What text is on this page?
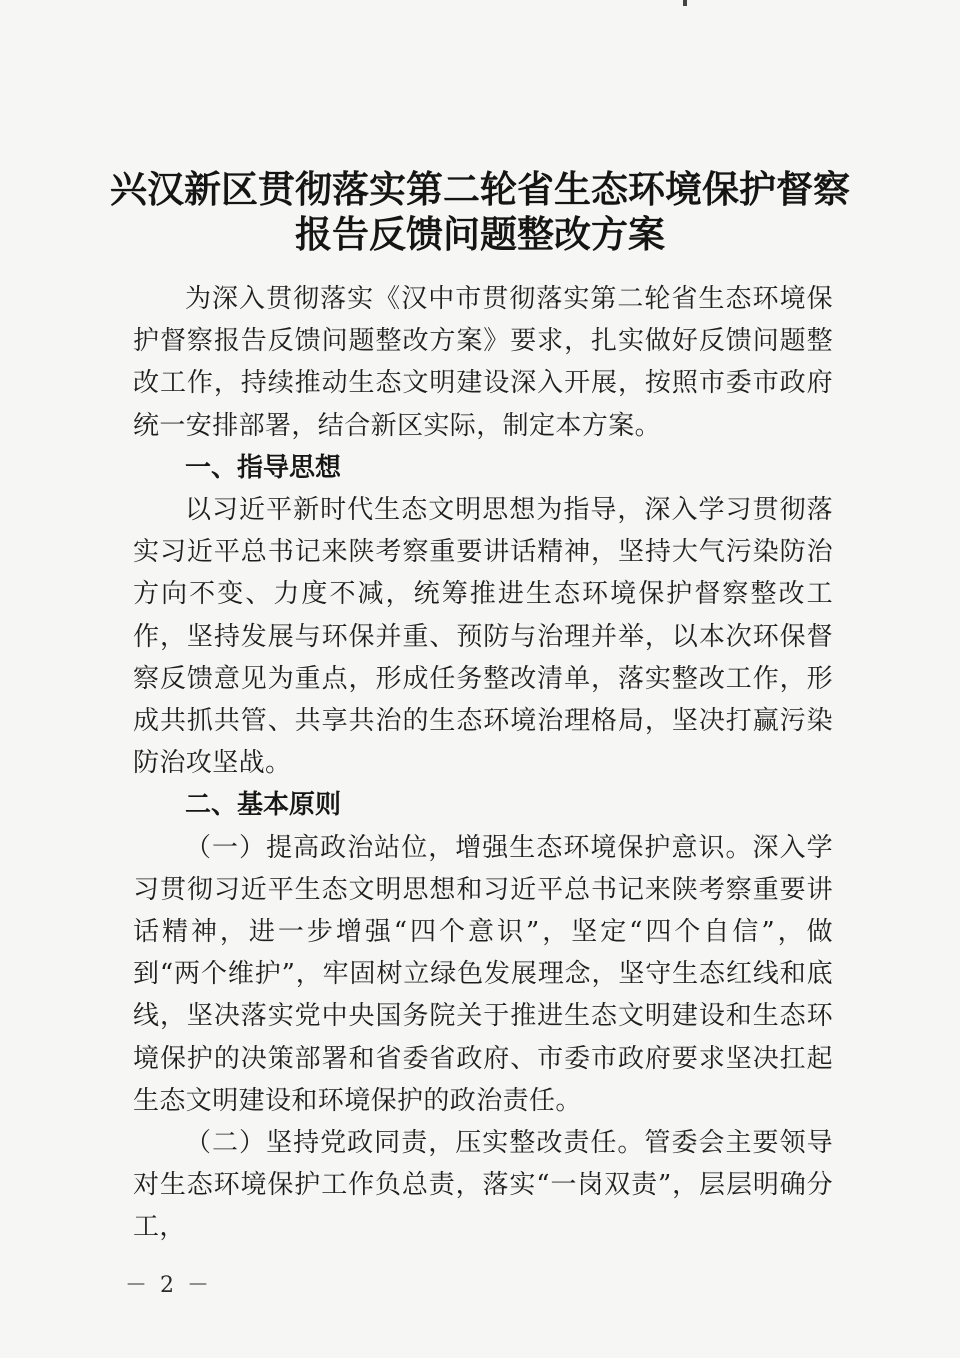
兴汉新区贯彻落实第二轮省生态环境保护督察
报告反馈问题整改方案

为深入贯彻落实《汉中市贯彻落实第二轮省生态环境保护督察报告反馈问题整改方案》要求，扎实做好反馈问题整改工作，持续推动生态文明建设深入开展，按照市委市政府统一安排部署，结合新区实际，制定本方案。

一、指导思想

以习近平新时代生态文明思想为指导，深入学习贯彻落实习近平总书记来陕考察重要讲话精神，坚持大气污染防治方向不变、力度不减，统筹推进生态环境保护督察整改工作，坚持发展与环保并重、预防与治理并举，以本次环保督察反馈意见为重点，形成任务整改清单，落实整改工作，形成共抓共管、共享共治的生态环境治理格局，坚决打赢污染防治攻坚战。

二、基本原则

（一）提高政治站位，增强生态环境保护意识。深入学习贯彻习近平生态文明思想和习近平总书记来陕考察重要讲话精神，进一步增强“四个意识”，坚定“四个自信”，做到“两个维护”，牢固树立绿色发展理念，坚守生态红线和底线，坚决落实党中央国务院关于推进生态文明建设和生态环境保护的决策部署和省委省政府、市委市政府要求坚决扛起生态文明建设和环境保护的政治责任。

（二）坚持党政同责，压实整改责任。管委会主要领导对生态环境保护工作负总责，落实“一岗双责”，层层明确分工，

－ 2 －
